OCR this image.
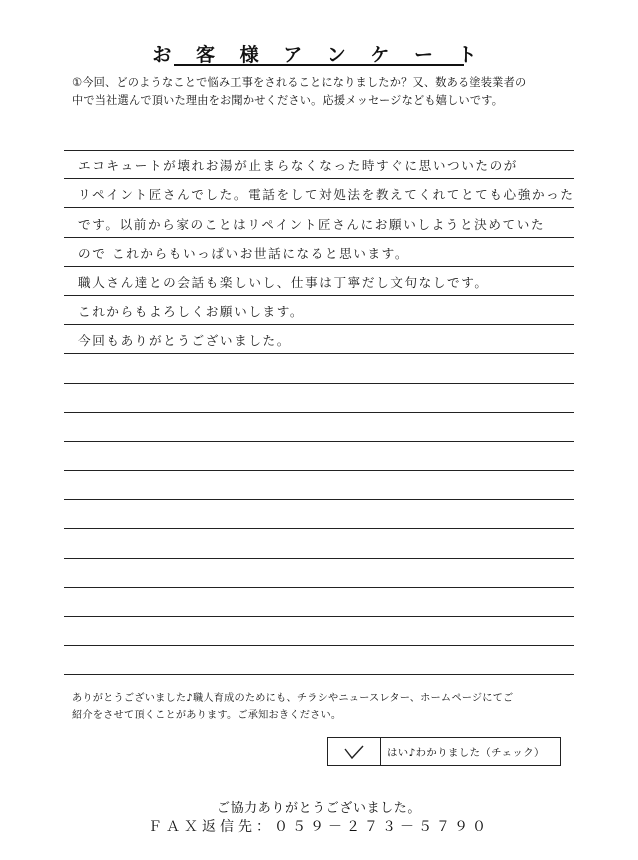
お 客 様 ア ン ケ ー ト
①今回、どのようなことで悩み工事をされることになりましたか？又、数ある塗装業者の
中で当社選んで頂いた理由をお聞かせください。応援メッセージなども嬉しいです。
エコキュートが壊れお湯が止まらなくなった時すぐに思いついたのが
リペイント匠さんでした。電話をして対処法を教えてくれてとても心強かった
です。以前から家のことはリペイント匠さんにお願いしようと決めていた
ので これからもいっぱいお世話になると思います。
職人さん達との会話も楽しいし、仕事は丁寧だし文句なしです。
これからもよろしくお願いします。
今回もありがとうございました。
ありがとうございました♪職人育成のためにも、チラシやニュースレター、ホームページにてご
紹介をさせて頂くことがあります。ご承知おきください。
はい♪わかりました（チェック）
ご協力ありがとうございました。
ＦＡＸ返信先：０５９－２７３－５７９０
